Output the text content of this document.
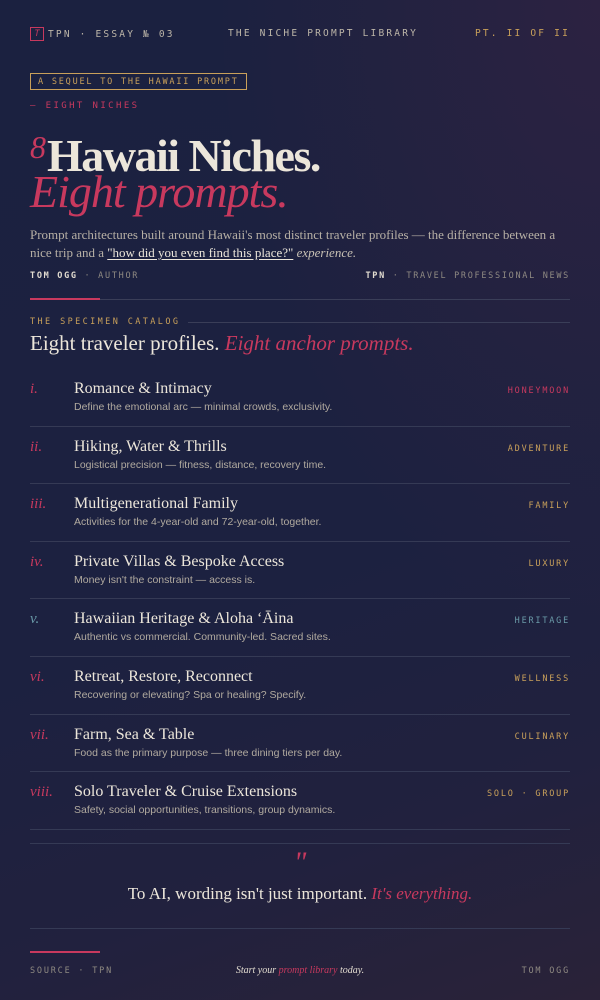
T TPN · ESSAY № 03	THE NICHE PROMPT LIBRARY	PT. II OF II
A SEQUEL TO THE HAWAII PROMPT
— EIGHT NICHES
$^8$Hawaii Niches.
Eight prompts.

Prompt architectures built around Hawaii's most distinct traveler profiles — the difference between a nice trip and a "how did you even find this place?" experience.

TOM OGG · AUTHOR	TPN · TRAVEL PROFESSIONAL NEWS
THE SPECIMEN CATALOG
Eight traveler profiles. Eight anchor prompts.
i. Romance & Intimacy
Define the emotional arc — minimal crowds, exclusivity.
HONEYMOON
ii. Hiking, Water & Thrills
Logistical precision — fitness, distance, recovery time.
ADVENTURE
iii. Multigenerational Family
Activities for the 4-year-old and 72-year-old, together.
FAMILY
iv. Private Villas & Bespoke Access
Money isn't the constraint — access is.
LUXURY
v. Hawaiian Heritage & Aloha ʻĀina
Authentic vs commercial. Community-led. Sacred sites.
HERITAGE
vi. Retreat, Restore, Reconnect
Recovering or elevating? Spa or healing? Specify.
WELLNESS
vii. Farm, Sea & Table
Food as the primary purpose — three dining tiers per day.
CULINARY
viii. Solo Traveler & Cruise Extensions
Safety, social opportunities, transitions, group dynamics.
SOLO · GROUP
"
To AI, wording isn't just important. It's everything.
SOURCE · TPN	Start your prompt library today.	TOM OGG
